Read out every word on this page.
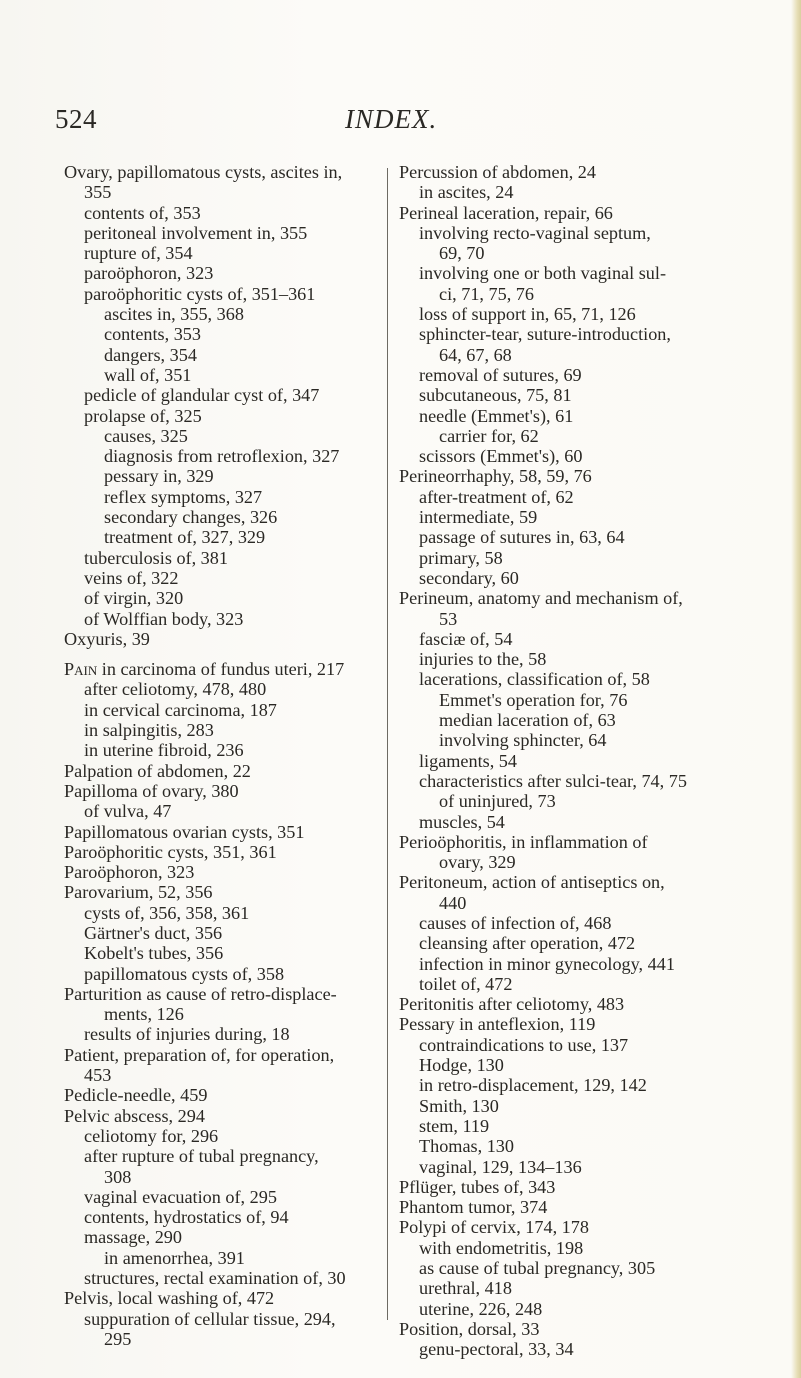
524	INDEX.
Ovary, papillomatous cysts, ascites in,
355
contents of, 353
peritoneal involvement in, 355
rupture of, 354
paroöphoron, 323
paroöphoritic cysts of, 351–361
ascites in, 355, 368
contents, 353
dangers, 354
wall of, 351
pedicle of glandular cyst of, 347
prolapse of, 325
causes, 325
diagnosis from retroflexion, 327
pessary in, 329
reflex symptoms, 327
secondary changes, 326
treatment of, 327, 329
tuberculosis of, 381
veins of, 322
of virgin, 320
of Wolffian body, 323
Oxyuris, 39
Pain in carcinoma of fundus uteri, 217
after celiotomy, 478, 480
in cervical carcinoma, 187
in salpingitis, 283
in uterine fibroid, 236
Palpation of abdomen, 22
Papilloma of ovary, 380
of vulva, 47
Papillomatous ovarian cysts, 351
Paroöphoritic cysts, 351, 361
Paroöphoron, 323
Parovarium, 52, 356
cysts of, 356, 358, 361
Gärtner's duct, 356
Kobelt's tubes, 356
papillomatous cysts of, 358
Parturition as cause of retro-displace-
ments, 126
results of injuries during, 18
Patient, preparation of, for operation,
453
Pedicle-needle, 459
Pelvic abscess, 294
celiotomy for, 296
after rupture of tubal pregnancy,
308
vaginal evacuation of, 295
contents, hydrostatics of, 94
massage, 290
in amenorrhea, 391
structures, rectal examination of, 30
Pelvis, local washing of, 472
suppuration of cellular tissue, 294,
295
Percussion of abdomen, 24
in ascites, 24
Perineal laceration, repair, 66
involving recto-vaginal septum,
69, 70
involving one or both vaginal sul-
ci, 71, 75, 76
loss of support in, 65, 71, 126
sphincter-tear, suture-introduction,
64, 67, 68
removal of sutures, 69
subcutaneous, 75, 81
needle (Emmet's), 61
carrier for, 62
scissors (Emmet's), 60
Perineorrhaphy, 58, 59, 76
after-treatment of, 62
intermediate, 59
passage of sutures in, 63, 64
primary, 58
secondary, 60
Perineum, anatomy and mechanism of,
53
fasciæ of, 54
injuries to the, 58
lacerations, classification of, 58
Emmet's operation for, 76
median laceration of, 63
involving sphincter, 64
ligaments, 54
characteristics after sulci-tear, 74, 75
of uninjured, 73
muscles, 54
Perioöphoritis, in inflammation of
ovary, 329
Peritoneum, action of antiseptics on,
440
causes of infection of, 468
cleansing after operation, 472
infection in minor gynecology, 441
toilet of, 472
Peritonitis after celiotomy, 483
Pessary in anteflexion, 119
contraindications to use, 137
Hodge, 130
in retro-displacement, 129, 142
Smith, 130
stem, 119
Thomas, 130
vaginal, 129, 134–136
Pflüger, tubes of, 343
Phantom tumor, 374
Polypi of cervix, 174, 178
with endometritis, 198
as cause of tubal pregnancy, 305
urethral, 418
uterine, 226, 248
Position, dorsal, 33
genu-pectoral, 33, 34
